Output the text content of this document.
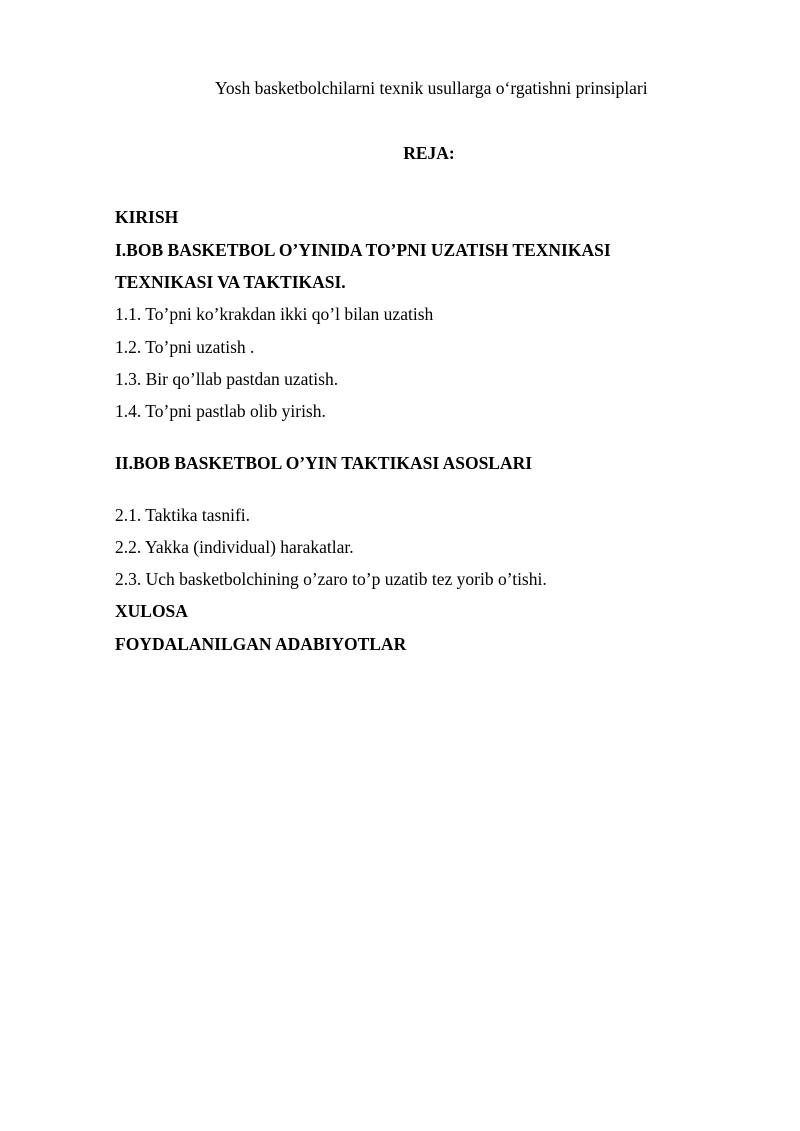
Yosh basketbolchilarni texnik usullarga o‘rgatishni prinsiplari
REJA:
KIRISH
I.BOB BASKETBOL O’YINIDA TO’PNI UZATISH TEXNIKASI
TEXNIKASI VA TAKTIKASI.
1.1. To’pni ko’krakdan ikki qo’l bilan uzatish
1.2. To’pni uzatish .
1.3. Bir qo’llab pastdan uzatish.
1.4. To’pni pastlab olib yirish.
II.BOB BASKETBOL O’YIN TAKTIKASI ASOSLARI
2.1. Taktika tasnifi.
2.2. Yakka (individual) harakatlar.
2.3. Uch basketbolchining o’zaro to’p uzatib tez yorib o’tishi.
XULOSA
FOYDALANILGAN ADABIYOTLAR
